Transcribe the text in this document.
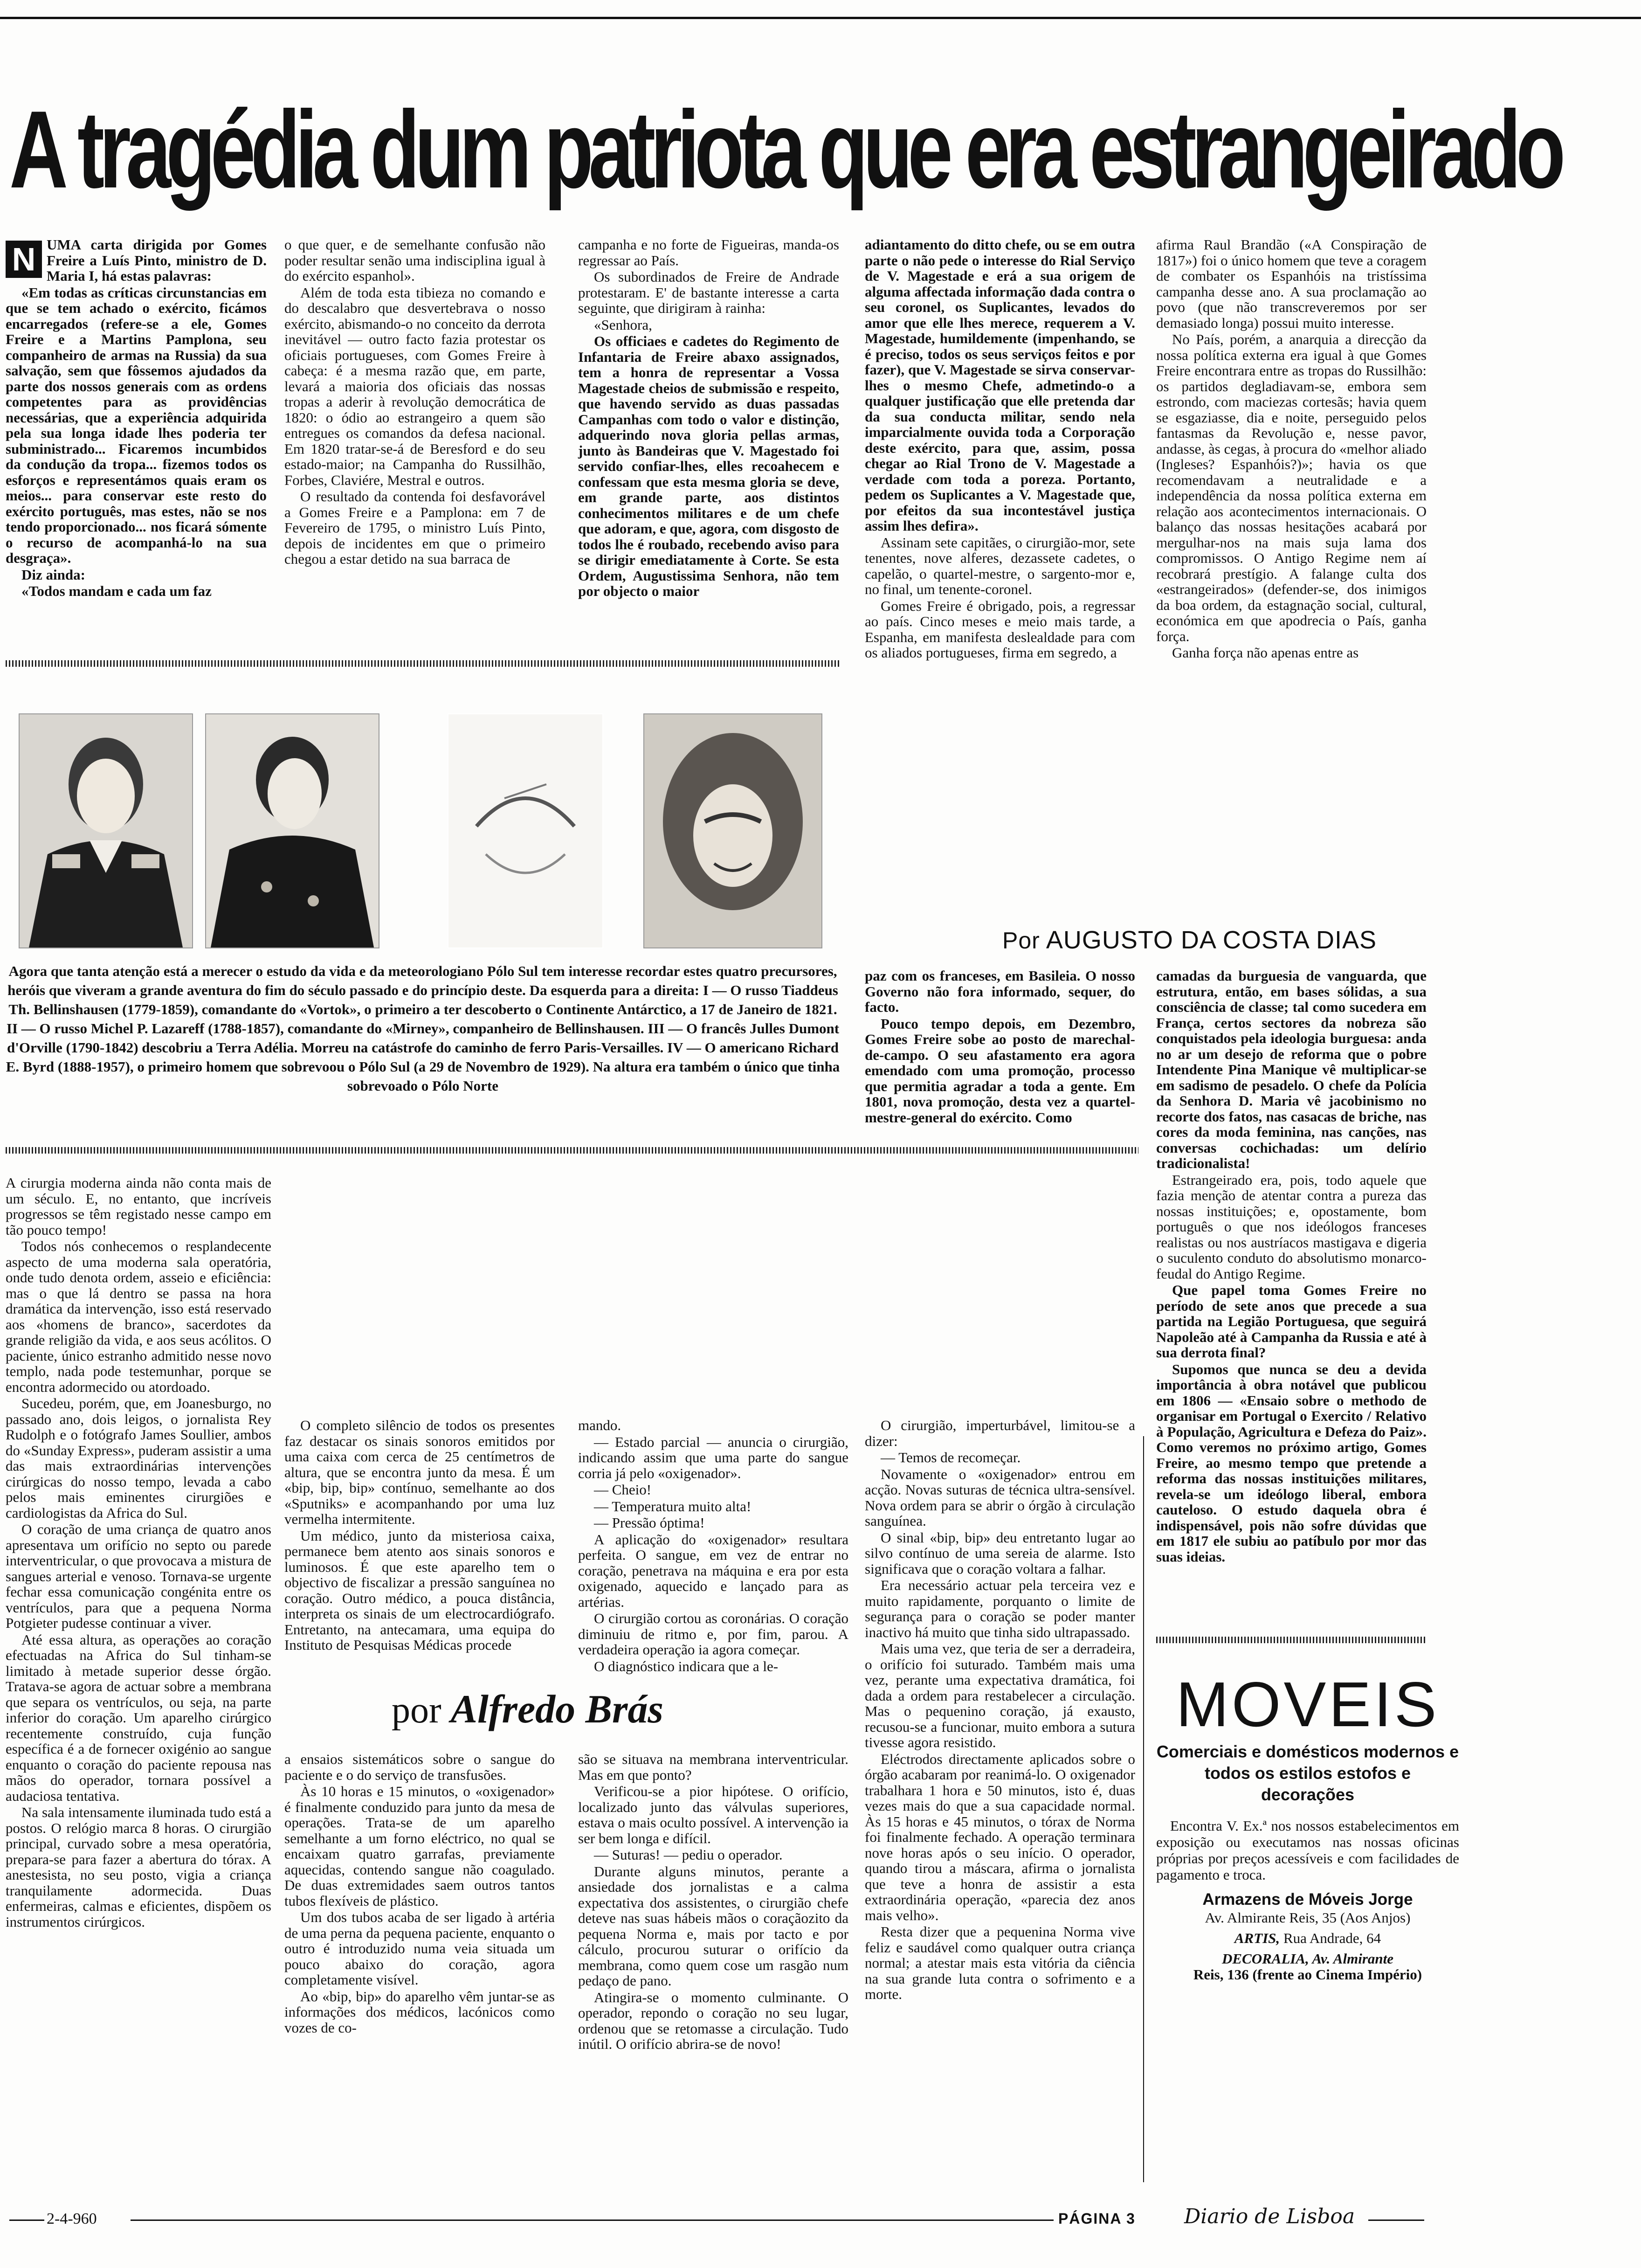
A tragédia dum patriota que era estrangeirado
N UMA carta dirigida por Gomes Freire a Luís Pinto, ministro de D. Maria I, há estas palavras:

«Em todas as críticas circunstancias em que se tem achado o exército, ficámos encarregados (refere-se a ele, Gomes Freire e a Martins Pamplona, seu companheiro de armas na Russia) da sua salvação, sem que fôssemos ajudados da parte dos nossos generais com as ordens competentes para as providências necessárias, que a experiência adquirida pela sua longa idade lhes poderia ter subministrado... Ficaremos incumbidos da condução da tropa... fizemos todos os esforços e representámos quais eram os meios... para conservar este resto do exército português, mas estes, não se nos tendo proporcionado... nos ficará sómente o recurso de acompanhá-lo na sua desgraça».

Diz ainda:

«Todos mandam e cada um faz

o que quer, e de semelhante confusão não poder resultar senão uma indisciplina igual à do exército espanhol».

Além de toda esta tibieza no comando e do descalabro que desvertebrava o nosso exército, abismando-o no conceito da derrota inevitável — outro facto fazia protestar os oficiais portugueses, com Gomes Freire à cabeça: é a mesma razão que, em parte, levará a maioria dos oficiais das nossas tropas a aderir à revolução democrática de 1820: o ódio ao estrangeiro a quem são entregues os comandos da defesa nacional. Em 1820 tratar-se-á de Beresford e do seu estado-maior; na Campanha do Russilhão, Forbes, Claviére, Mestral e outros.

O resultado da contenda foi desfavorável a Gomes Freire e a Pamplona: em 7 de Fevereiro de 1795, o ministro Luís Pinto, depois de incidentes em que o primeiro chegou a estar detido na sua barraca de

campanha e no forte de Figueiras, manda-os regressar ao País.

Os subordinados de Freire de Andrade protestaram. E' de bastante interesse a carta seguinte, que dirigiram à rainha:

«Senhora,

Os officiaes e cadetes do Regimento de Infantaria de Freire abaxo assignados, tem a honra de representar a Vossa Magestade cheios de submissão e respeito, que havendo servido as duas passadas Campanhas com todo o valor e distinção, adquerindo nova gloria pellas armas, junto às Bandeiras que V. Magestado foi servido confiar-lhes, elles recoahecem e confessam que esta mesma gloria se deve, em grande parte, aos distintos conhecimentos militares e de um chefe que adoram, e que, agora, com disgosto de todos lhe é roubado, recebendo aviso para se dirigir emediatamente à Corte. Se esta Ordem, Augustissima Senhora, não tem por objecto o maior

adiantamento do ditto chefe, ou se em outra parte o não pede o interesse do Rial Serviço de V. Magestade e erá a sua origem de alguma affectada informação dada contra o seu coronel, os Suplicantes, levados do amor que elle lhes merece, requerem a V. Magestade, humildemente (impenhando, se é preciso, todos os seus serviços feitos e por fazer), que V. Magestade se sirva conservar-lhes o mesmo Chefe, admetindo-o a qualquer justificação que elle pretenda dar da sua conducta militar, sendo nela imparcialmente ouvida toda a Corporação deste exército, para que, assim, possa chegar ao Rial Trono de V. Magestade a verdade com toda a poreza. Portanto, pedem os Suplicantes a V. Magestade que, por efeitos da sua incontestável justiça assim lhes defira».

Assinam sete capitães, o cirurgião-mor, sete tenentes, nove alferes, dezassete cadetes, o capelão, o quartel-mestre, o sargento-mor e, no final, um tenente-coronel.

Gomes Freire é obrigado, pois, a regressar ao país. Cinco meses e meio mais tarde, a Espanha, em manifesta deslealdade para com os aliados portugueses, firma em segredo, a

afirma Raul Brandão («A Conspiração de 1817») foi o único homem que teve a coragem de combater os Espanhóis na tristíssima campanha desse ano. A sua proclamação ao povo (que não transcreveremos por ser demasiado longa) possui muito interesse.

No País, porém, a anarquia a direcção da nossa política externa era igual à que Gomes Freire encontrara entre as tropas do Russilhão: os partidos degladiavam-se, embora sem estrondo, com maciezas cortesãs; havia quem se esgaziasse, dia e noite, perseguido pelos fantasmas da Revolução e, nesse pavor, andasse, às cegas, à procura do «melhor aliado (Ingleses? Espanhóis?)»; havia os que recomendavam a neutralidade e a independência da nossa política externa em relação aos acontecimentos internacionais. O balanço das nossas hesitações acabará por mergulhar-nos na mais suja lama dos compromissos. O Antigo Regime nem aí recobrará prestígio. A falange culta dos «estrangeirados» (defender-se, dos inimigos da boa ordem, da estagnação social, cultural, económica em que apodrecia o País, ganha força.

Ganha força não apenas entre as

Por AUGUSTO DA COSTA DIAS
Agora que tanta atenção está a merecer o estudo da vida e da meteorologiano Pólo Sul tem interesse recordar estes quatro precursores, heróis que viveram a grande aventura do fim do século passado e do princípio deste. Da esquerda para a direita: I — O russo Tiaddeus Th. Bellinshausen (1779-1859), comandante do «Vortok», o primeiro a ter descoberto o Continente Antárctico, a 17 de Janeiro de 1821. II — O russo Michel P. Lazareff (1788-1857), comandante do «Mirney», companheiro de Bellinshausen. III — O francês Julles Dumont d'Orville (1790-1842) descobriu a Terra Adélia. Morreu na catástrofe do caminho de ferro Paris-Versailles. IV — O americano Richard E. Byrd (1888-1957), o primeiro homem que sobrevoou o Pólo Sul (a 29 de Novembro de 1929). Na altura era também o único que tinha sobrevoado o Pólo Norte

paz com os franceses, em Basileia. O nosso Governo não fora informado, sequer, do facto.

Pouco tempo depois, em Dezembro, Gomes Freire sobe ao posto de marechal-de-campo. O seu afastamento era agora emendado com uma promoção, processo que permitia agradar a toda a gente. Em 1801, nova promoção, desta vez a quartel-mestre-general do exército. Como

camadas da burguesia de vanguarda, que estrutura, então, em bases sólidas, a sua consciência de classe; tal como sucedera em França, certos sectores da nobreza são conquistados pela ideologia burguesa: anda no ar um desejo de reforma que o pobre Intendente Pina Manique vê multiplicar-se em sadismo de pesadelo. O chefe da Polícia da Senhora D. Maria vê jacobinismo no recorte dos fatos, nas casacas de briche, nas cores da moda feminina, nas canções, nas conversas cochichadas: um delírio tradicionalista!

Estrangeirado era, pois, todo aquele que fazia menção de atentar contra a pureza das nossas instituições; e, opostamente, bom português o que nos ideólogos franceses realistas ou nos austríacos mastigava e digeria o suculento conduto do absolutismo monarco-feudal do Antigo Regime.

Que papel toma Gomes Freire no período de sete anos que precede a sua partida na Legião Portuguesa, que seguirá Napoleão até à Campanha da Russia e até à sua derrota final?

Supomos que nunca se deu a devida importância à obra notável que publicou em 1806 — «Ensaio sobre o methodo de organisar em Portugal o Exercito / Relativo à População, Agricultura e Defeza do Paiz». Como veremos no próximo artigo, Gomes Freire, ao mesmo tempo que pretende a reforma das nossas instituições militares, revela-se um ideólogo liberal, embora cauteloso. O estudo daquela obra é indispensável, pois não sofre dúvidas que em 1817 ele subiu ao patíbulo por mor das suas ideias.

A cirurgia moderna ainda não conta mais de um século. E, no entanto, que incríveis progressos se têm registado nesse campo em tão pouco tempo!

Todos nós conhecemos o resplandecente aspecto de uma moderna sala operatória, onde tudo denota ordem, asseio e eficiência: mas o que lá dentro se passa na hora dramática da intervenção, isso está reservado aos «homens de branco», sacerdotes da grande religião da vida, e aos seus acólitos. O paciente, único estranho admitido nesse novo templo, nada pode testemunhar, porque se encontra adormecido ou atordoado.

Sucedeu, porém, que, em Joanesburgo, no passado ano, dois leigos, o jornalista Rey Rudolph e o fotógrafo James Soullier, ambos do «Sunday Express», puderam assistir a uma das mais extraordinárias intervenções cirúrgicas do nosso tempo, levada a cabo pelos mais eminentes cirurgiões e cardiologistas da Africa do Sul.

O coração de uma criança de quatro anos apresentava um orifício no septo ou parede interventricular, o que provocava a mistura de sangues arterial e venoso. Tornava-se urgente fechar essa comunicação congénita entre os ventrículos, para que a pequena Norma Potgieter pudesse continuar a viver.

Até essa altura, as operações ao coração efectuadas na Africa do Sul tinham-se limitado à metade superior desse órgão. Tratava-se agora de actuar sobre a membrana que separa os ventrículos, ou seja, na parte inferior do coração. Um aparelho cirúrgico recentemente construído, cuja função específica é a de fornecer oxigénio ao sangue enquanto o coração do paciente repousa nas mãos do operador, tornara possível a audaciosa tentativa.

Na sala intensamente iluminada tudo está a postos. O relógio marca 8 horas. O cirurgião principal, curvado sobre a mesa operatória, prepara-se para fazer a abertura do tórax. A anestesista, no seu posto, vigia a criança tranquilamente adormecida. Duas enfermeiras, calmas e eficientes, dispõem os instrumentos cirúrgicos.

O completo silêncio de todos os presentes faz destacar os sinais sonoros emitidos por uma caixa com cerca de 25 centímetros de altura, que se encontra junto da mesa. É um «bip, bip, bip» contínuo, semelhante ao dos «Sputniks» e acompanhando por uma luz vermelha intermitente.

Um médico, junto da misteriosa caixa, permanece bem atento aos sinais sonoros e luminosos. É que este aparelho tem o objectivo de fiscalizar a pressão sanguínea no coração. Outro médico, a pouca distância, interpreta os sinais de um electrocardiógrafo. Entretanto, na antecamara, uma equipa do Instituto de Pesquisas Médicas procede

mando.

— Estado parcial — anuncia o cirurgião, indicando assim que uma parte do sangue corria já pelo «oxigenador».

— Cheio!

— Temperatura muito alta!

— Pressão óptima!

A aplicação do «oxigenador» resultara perfeita. O sangue, em vez de entrar no coração, penetrava na máquina e era por esta oxigenado, aquecido e lançado para as artérias.

O cirurgião cortou as coronárias. O coração diminuiu de ritmo e, por fim, parou. A verdadeira operação ia agora começar.

O diagnóstico indicara que a le-

O cirurgião, imperturbável, limitou-se a dizer:

— Temos de recomeçar.

Novamente o «oxigenador» entrou em acção. Novas suturas de técnica ultra-sensível. Nova ordem para se abrir o órgão à circulação sanguínea.

O sinal «bip, bip» deu entretanto lugar ao silvo contínuo de uma sereia de alarme. Isto significava que o coração voltara a falhar.

Era necessário actuar pela terceira vez e muito rapidamente, porquanto o limite de segurança para o coração se poder manter inactivo há muito que tinha sido ultrapassado.

Mais uma vez, que teria de ser a derradeira, o orifício foi suturado. Também mais uma vez, perante uma expectativa dramática, foi dada a ordem para restabelecer a circulação. Mas o pequenino coração, já exausto, recusou-se a funcionar, muito embora a sutura tivesse agora resistido.

Eléctrodos directamente aplicados sobre o órgão acabaram por reanimá-lo. O oxigenador trabalhara 1 hora e 50 minutos, isto é, duas vezes mais do que a sua capacidade normal. Às 15 horas e 45 minutos, o tórax de Norma foi finalmente fechado. A operação terminara nove horas após o seu início. O operador, quando tirou a máscara, afirma o jornalista que teve a honra de assistir a esta extraordinária operação, «parecia dez anos mais velho».

Resta dizer que a pequenina Norma vive feliz e saudável como qualquer outra criança normal; a atestar mais esta vitória da ciência na sua grande luta contra o sofrimento e a morte.

por Alfredo Brás

a ensaios sistemáticos sobre o sangue do paciente e o do serviço de transfusões.

Às 10 horas e 15 minutos, o «oxigenador» é finalmente conduzido para junto da mesa de operações. Trata-se de um aparelho semelhante a um forno eléctrico, no qual se encaixam quatro garrafas, previamente aquecidas, contendo sangue não coagulado. De duas extremidades saem outros tantos tubos flexíveis de plástico.

Um dos tubos acaba de ser ligado à artéria de uma perna da pequena paciente, enquanto o outro é introduzido numa veia situada um pouco abaixo do coração, agora completamente visível.

Ao «bip, bip» do aparelho vêm juntar-se as informações dos médicos, lacónicos como vozes de co-

são se situava na membrana interventricular. Mas em que ponto?

Verificou-se a pior hipótese. O orifício, localizado junto das válvulas superiores, estava o mais oculto possível. A intervenção ia ser bem longa e difícil.

— Suturas! — pediu o operador.

Durante alguns minutos, perante a ansiedade dos jornalistas e a calma expectativa dos assistentes, o cirurgião chefe deteve nas suas hábeis mãos o coraçãozito da pequena Norma e, mais por tacto e por cálculo, procurou suturar o orifício da membrana, como quem cose um rasgão num pedaço de pano.

Atingira-se o momento culminante. O operador, repondo o coração no seu lugar, ordenou que se retomasse a circulação. Tudo inútil. O orifício abrira-se de novo!

MOVEIS
Comerciais e domésticos modernos e todos os estilos estofos e decorações
Encontra V. Ex.ª nos nossos estabelecimentos em exposição ou executamos nas nossas oficinas próprias por preços acessíveis e com facilidades de pagamento e troca.
Armazens de Móveis Jorge
Av. Almirante Reis, 35 (Aos Anjos)
ARTIS, Rua Andrade, 64
DECORALIA, Av. Almirante
Reis, 136 (frente ao Cinema Império)
2-4-960	PÁGINA 3 Diario de Lisboa
